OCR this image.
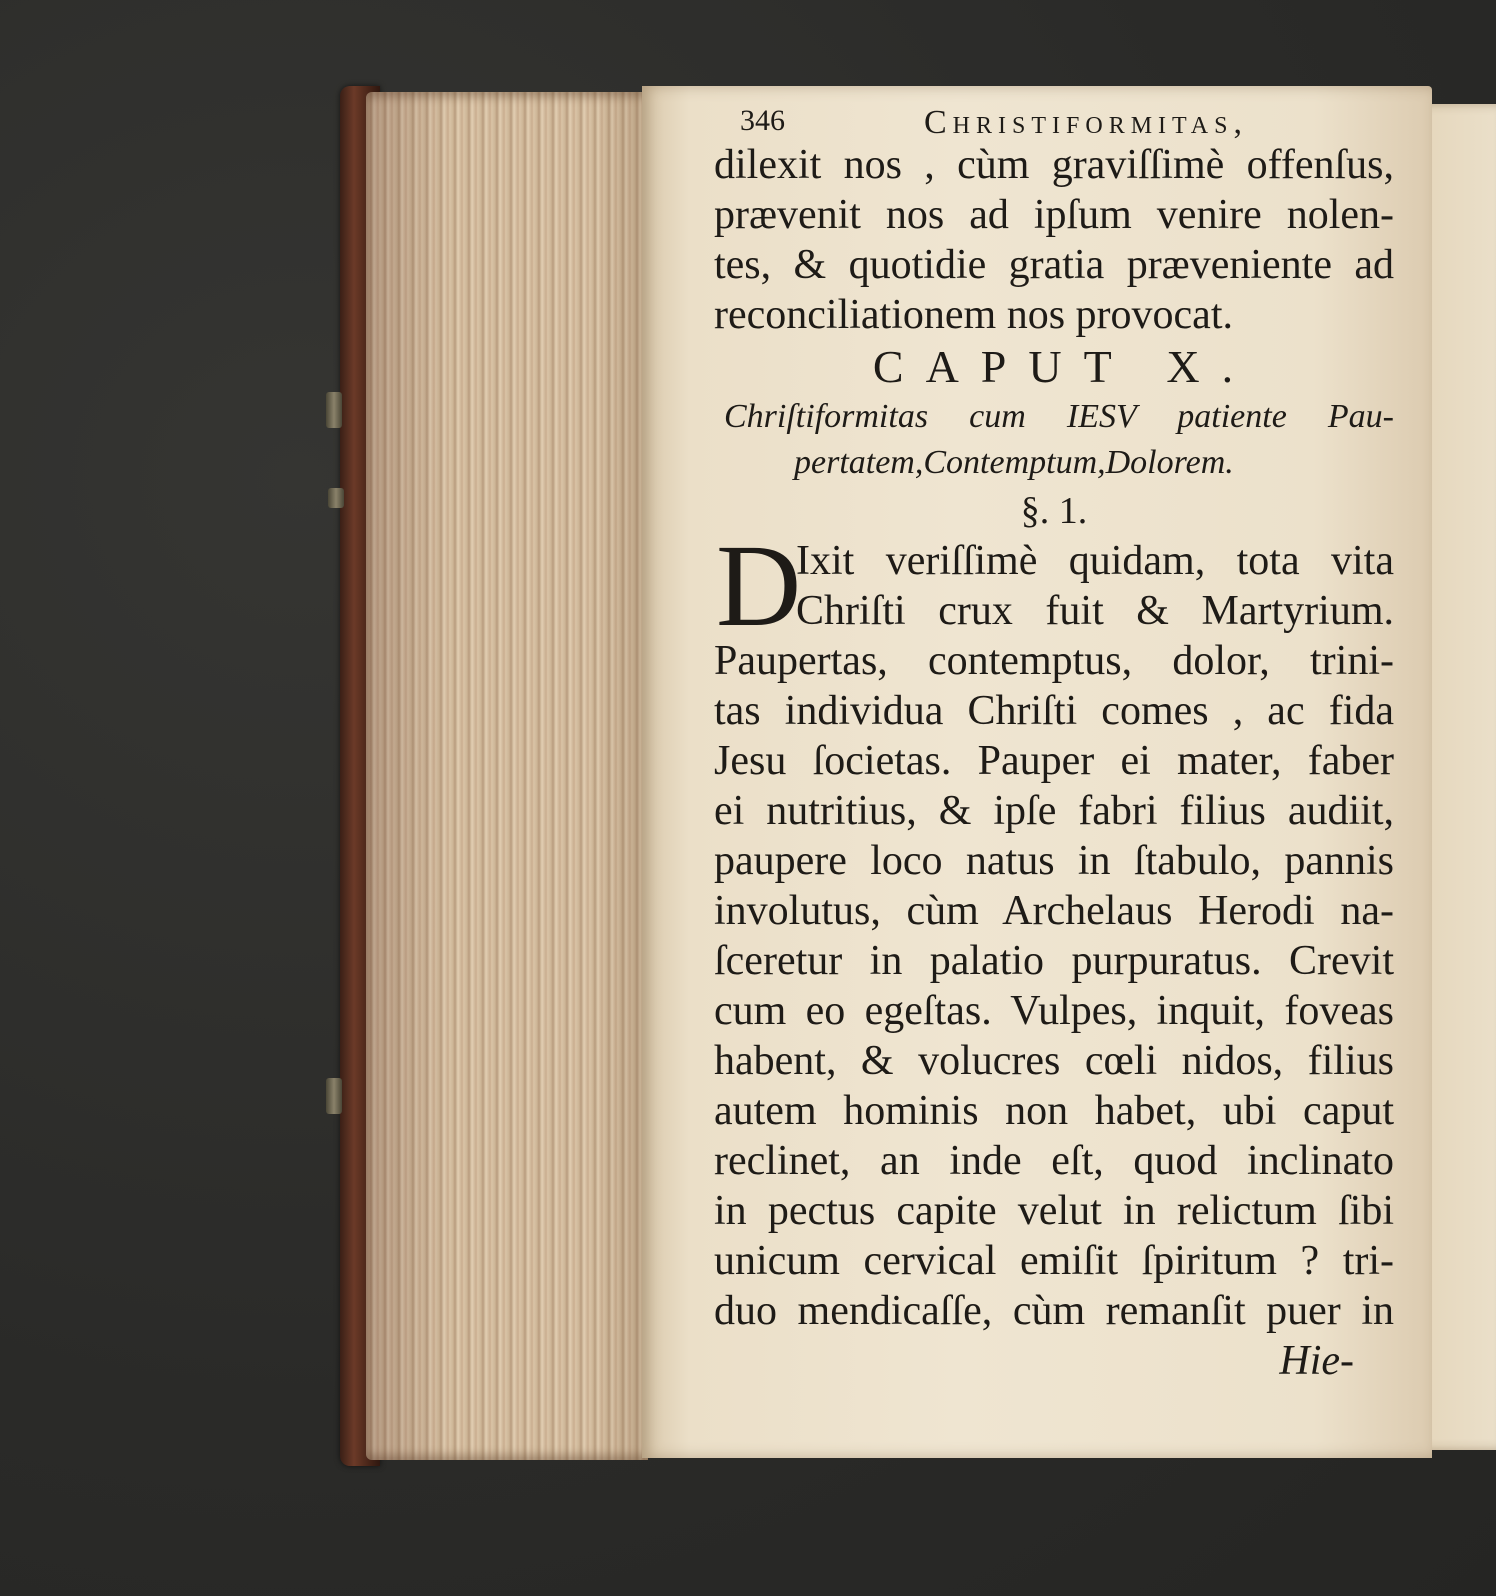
346	Christiformitas,
dilexit nos , cùm graviſſimè offenſus,
prævenit nos ad ipſum venire nolen-
tes, & quotidie gratia præveniente ad
reconciliationem nos provocat.
CAPUT X.
Chriſtiformitas cum IESV patiente Pau-
pertatem,Contemptum,Dolorem.
§. 1.
D
Ixit veriſſimè quidam, tota vita
Chriſti crux fuit & Martyrium.
Paupertas, contemptus, dolor, trini-
tas individua Chriſti comes , ac fida
Jesu ſocietas. Pauper ei mater, faber
ei nutritius, & ipſe fabri filius audiit,
paupere loco natus in ſtabulo, pannis
involutus, cùm Archelaus Herodi na-
ſceretur in palatio purpuratus. Crevit
cum eo egeſtas. Vulpes, inquit, foveas
habent, & volucres cœli nidos, filius
autem hominis non habet, ubi caput
reclinet, an inde eſt, quod inclinato
in pectus capite velut in relictum ſibi
unicum cervical emiſit ſpiritum ? tri-
duo mendicaſſe, cùm remanſit puer in
Hie-
